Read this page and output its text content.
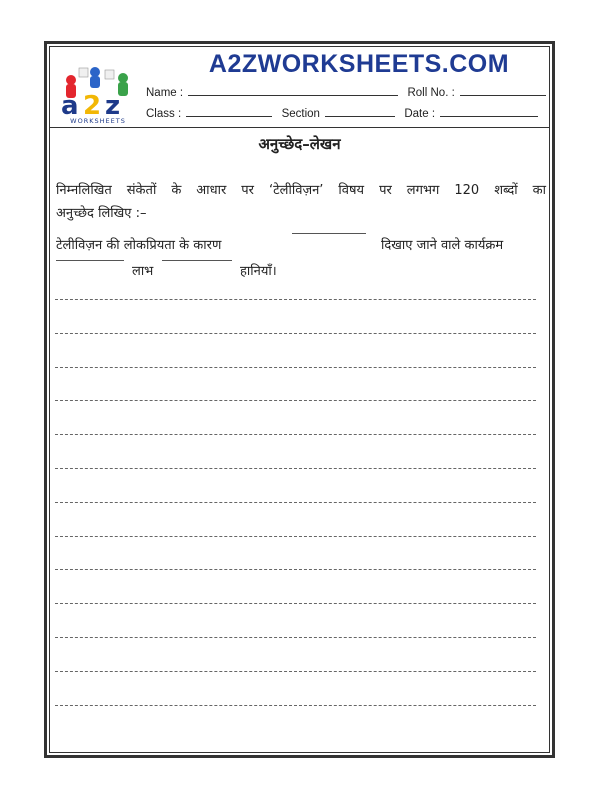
a 2 z
WORKSHEETS
A2ZWORKSHEETS.COM
Name :	Roll No. :
Class :	Section	Date :
अनुच्छेद–लेखन
निम्नलिखित संकेतों के आधार पर ‘टेलीविज़न’ विषय पर लगभग 120 शब्दों का
अनुच्छेद लिखिए :–
टेलीविज़न की लोकप्रियता के कारण	दिखाए जाने वाले कार्यक्रम
लाभ	हानियाँ।
